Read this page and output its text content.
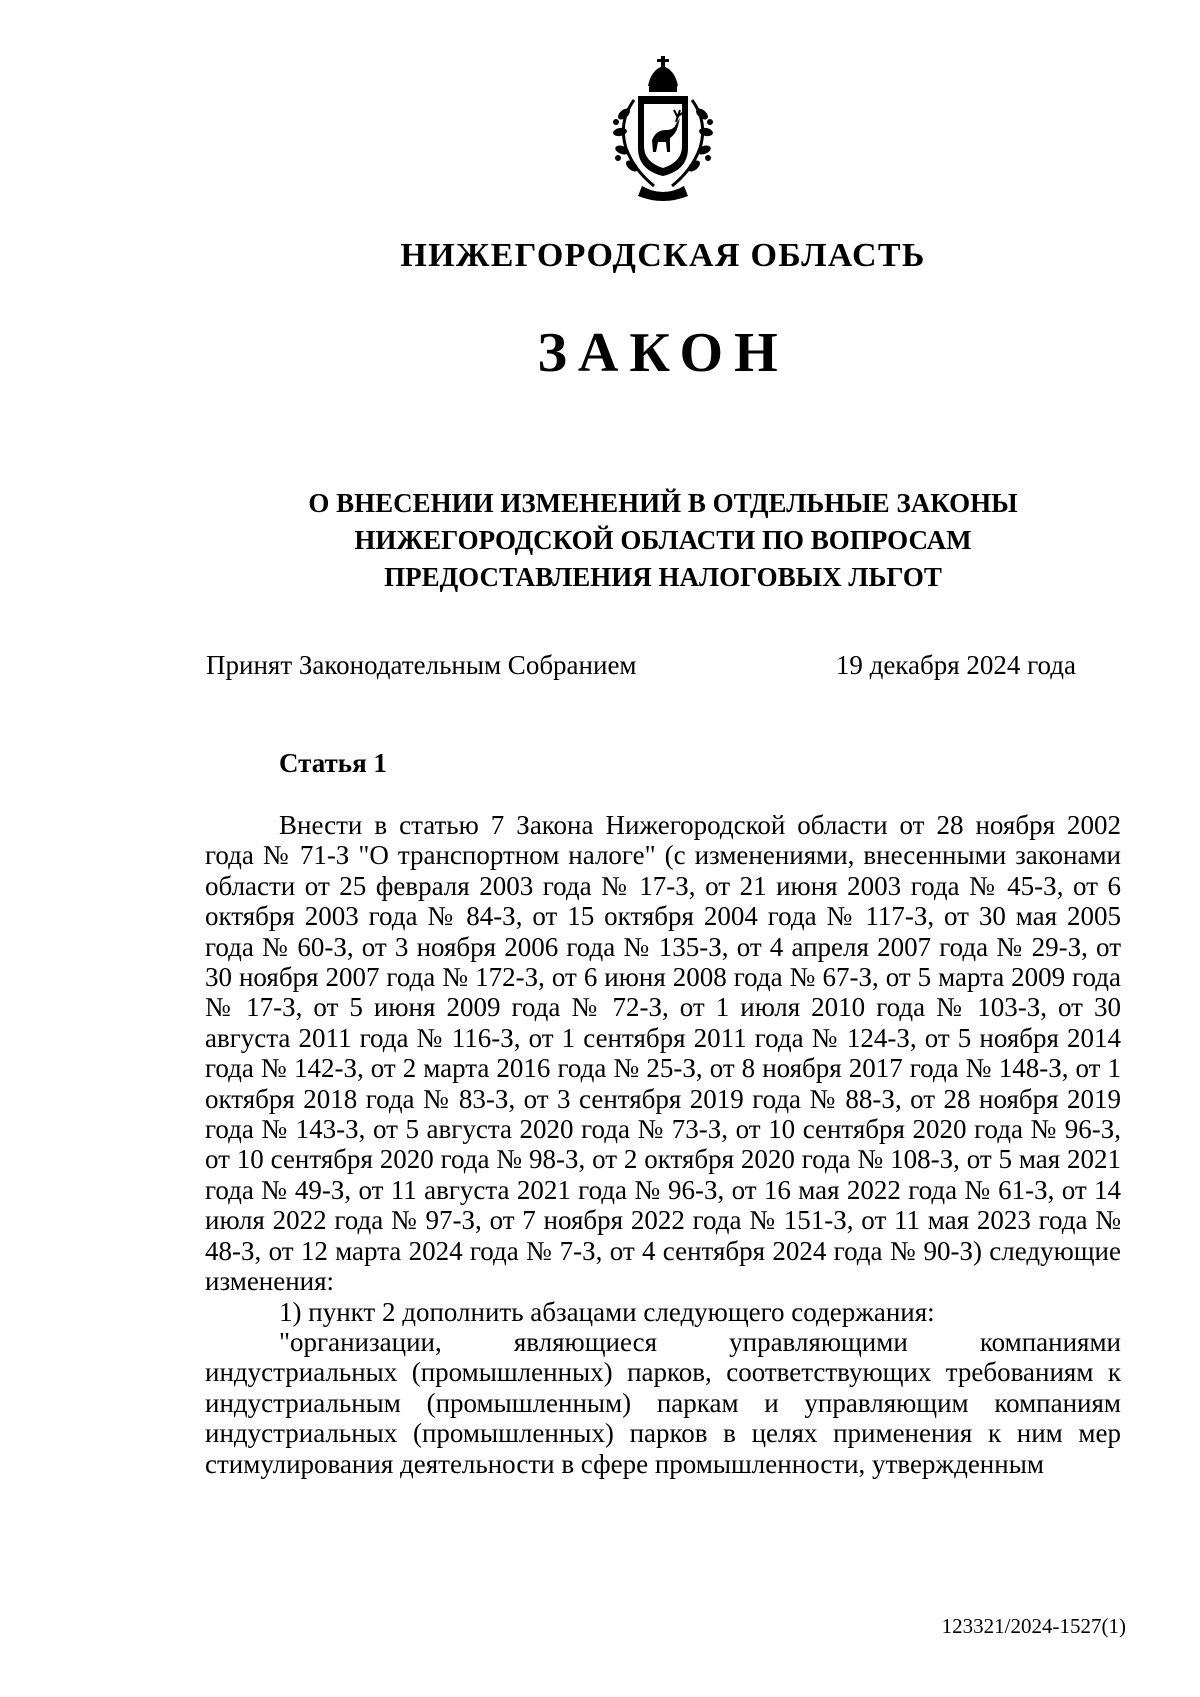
НИЖЕГОРОДСКАЯ ОБЛАСТЬ
ЗАКОН
О ВНЕСЕНИИ ИЗМЕНЕНИЙ В ОТДЕЛЬНЫЕ ЗАКОНЫ
НИЖЕГОРОДСКОЙ ОБЛАСТИ ПО ВОПРОСАМ
ПРЕДОСТАВЛЕНИЯ НАЛОГОВЫХ ЛЬГОТ
Принят Законодательным Собранием	19 декабря 2024 года
Статья 1

Внести в статью 7 Закона Нижегородской области от 28 ноября 2002 года № 71-З "О транспортном налоге" (с изменениями, внесенными законами области от 25 февраля 2003 года № 17-З, от 21 июня 2003 года № 45-З, от 6 октября 2003 года № 84-З, от 15 октября 2004 года № 117-З, от 30 мая 2005 года № 60-З, от 3 ноября 2006 года № 135-З, от 4 апреля 2007 года № 29-З, от 30 ноября 2007 года № 172-З, от 6 июня 2008 года № 67-З, от 5 марта 2009 года № 17-З, от 5 июня 2009 года № 72-З, от 1 июля 2010 года № 103-З, от 30 августа 2011 года № 116-З, от 1 сентября 2011 года № 124-З, от 5 ноября 2014 года № 142-З, от 2 марта 2016 года № 25-З, от 8 ноября 2017 года № 148-З, от 1 октября 2018 года № 83-З, от 3 сентября 2019 года № 88-З, от 28 ноября 2019 года № 143-З, от 5 августа 2020 года № 73-З, от 10 сентября 2020 года № 96-З, от 10 сентября 2020 года № 98-З, от 2 октября 2020 года № 108-З, от 5 мая 2021 года № 49-З, от 11 августа 2021 года № 96-З, от 16 мая 2022 года № 61-З, от 14 июля 2022 года № 97-З, от 7 ноября 2022 года № 151-З, от 11 мая 2023 года № 48-З, от 12 марта 2024 года № 7-З, от 4 сентября 2024 года № 90-З) следующие изменения:

1) пункт 2 дополнить абзацами следующего содержания:

"организации, являющиеся управляющими компаниями индустриальных (промышленных) парков, соответствующих требованиям к индустриальным (промышленным) паркам и управляющим компаниям индустриальных (промышленных) парков в целях применения к ним мер стимулирования деятельности в сфере промышленности, утвержденным

123321/2024-1527(1)
